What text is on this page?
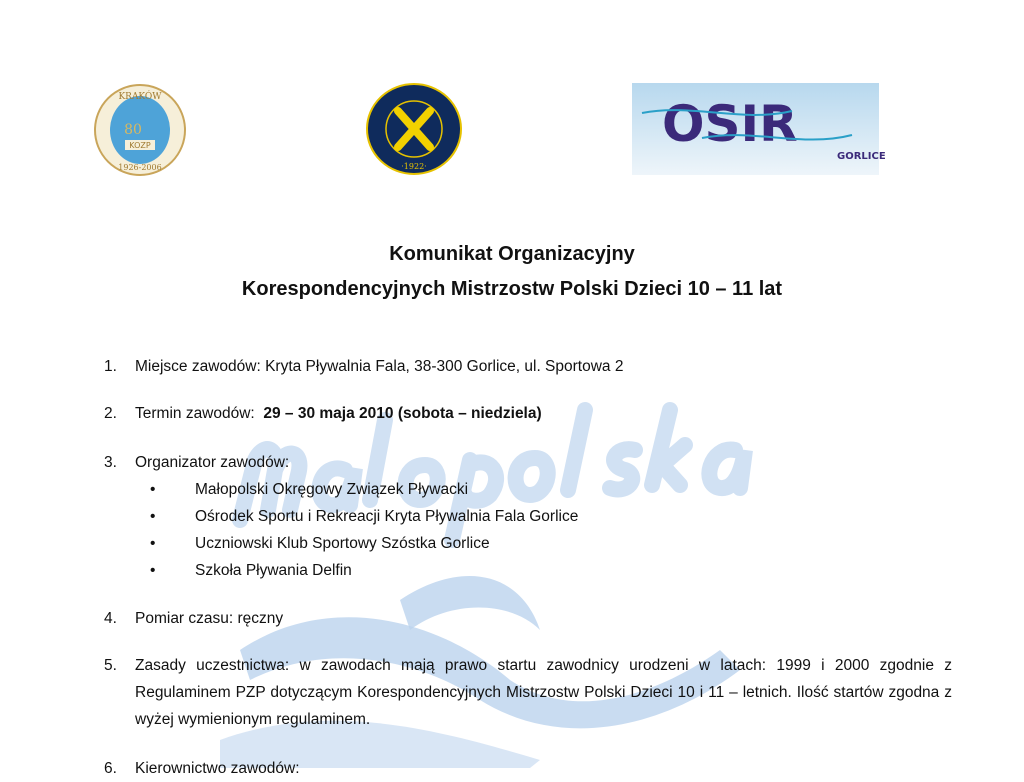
KRAKÓW
80
KOZP
1926-2006	·1922·
OSIR
GORLICE
Komunikat Organizacyjny
Korespondencyjnych Mistrzostw Polski Dzieci 10 – 11 lat
1. Miejsce zawodów: Kryta Pływalnia Fala, 38-300 Gorlice, ul. Sportowa 2
2. Termin zawodów: 29 – 30 maja 2010 (sobota – niedziela)
3. Organizator zawodów:
•	Małopolski Okręgowy Związek Pływacki
•	Ośrodek Sportu i Rekreacji Kryta Pływalnia Fala Gorlice
•	Uczniowski Klub Sportowy Szóstka Gorlice
•	Szkoła Pływania Delfin
4. Pomiar czasu: ręczny
5. Zasady uczestnictwa: w zawodach mają prawo startu zawodnicy urodzeni w latach: 1999 i 2000 zgodnie z Regulaminem PZP dotyczącym Korespondencyjnych Mistrzostw Polski Dzieci 10 i 11 – letnich. Ilość startów zgodna z wyżej wymienionym regulaminem.
6. Kierownictwo zawodów:
